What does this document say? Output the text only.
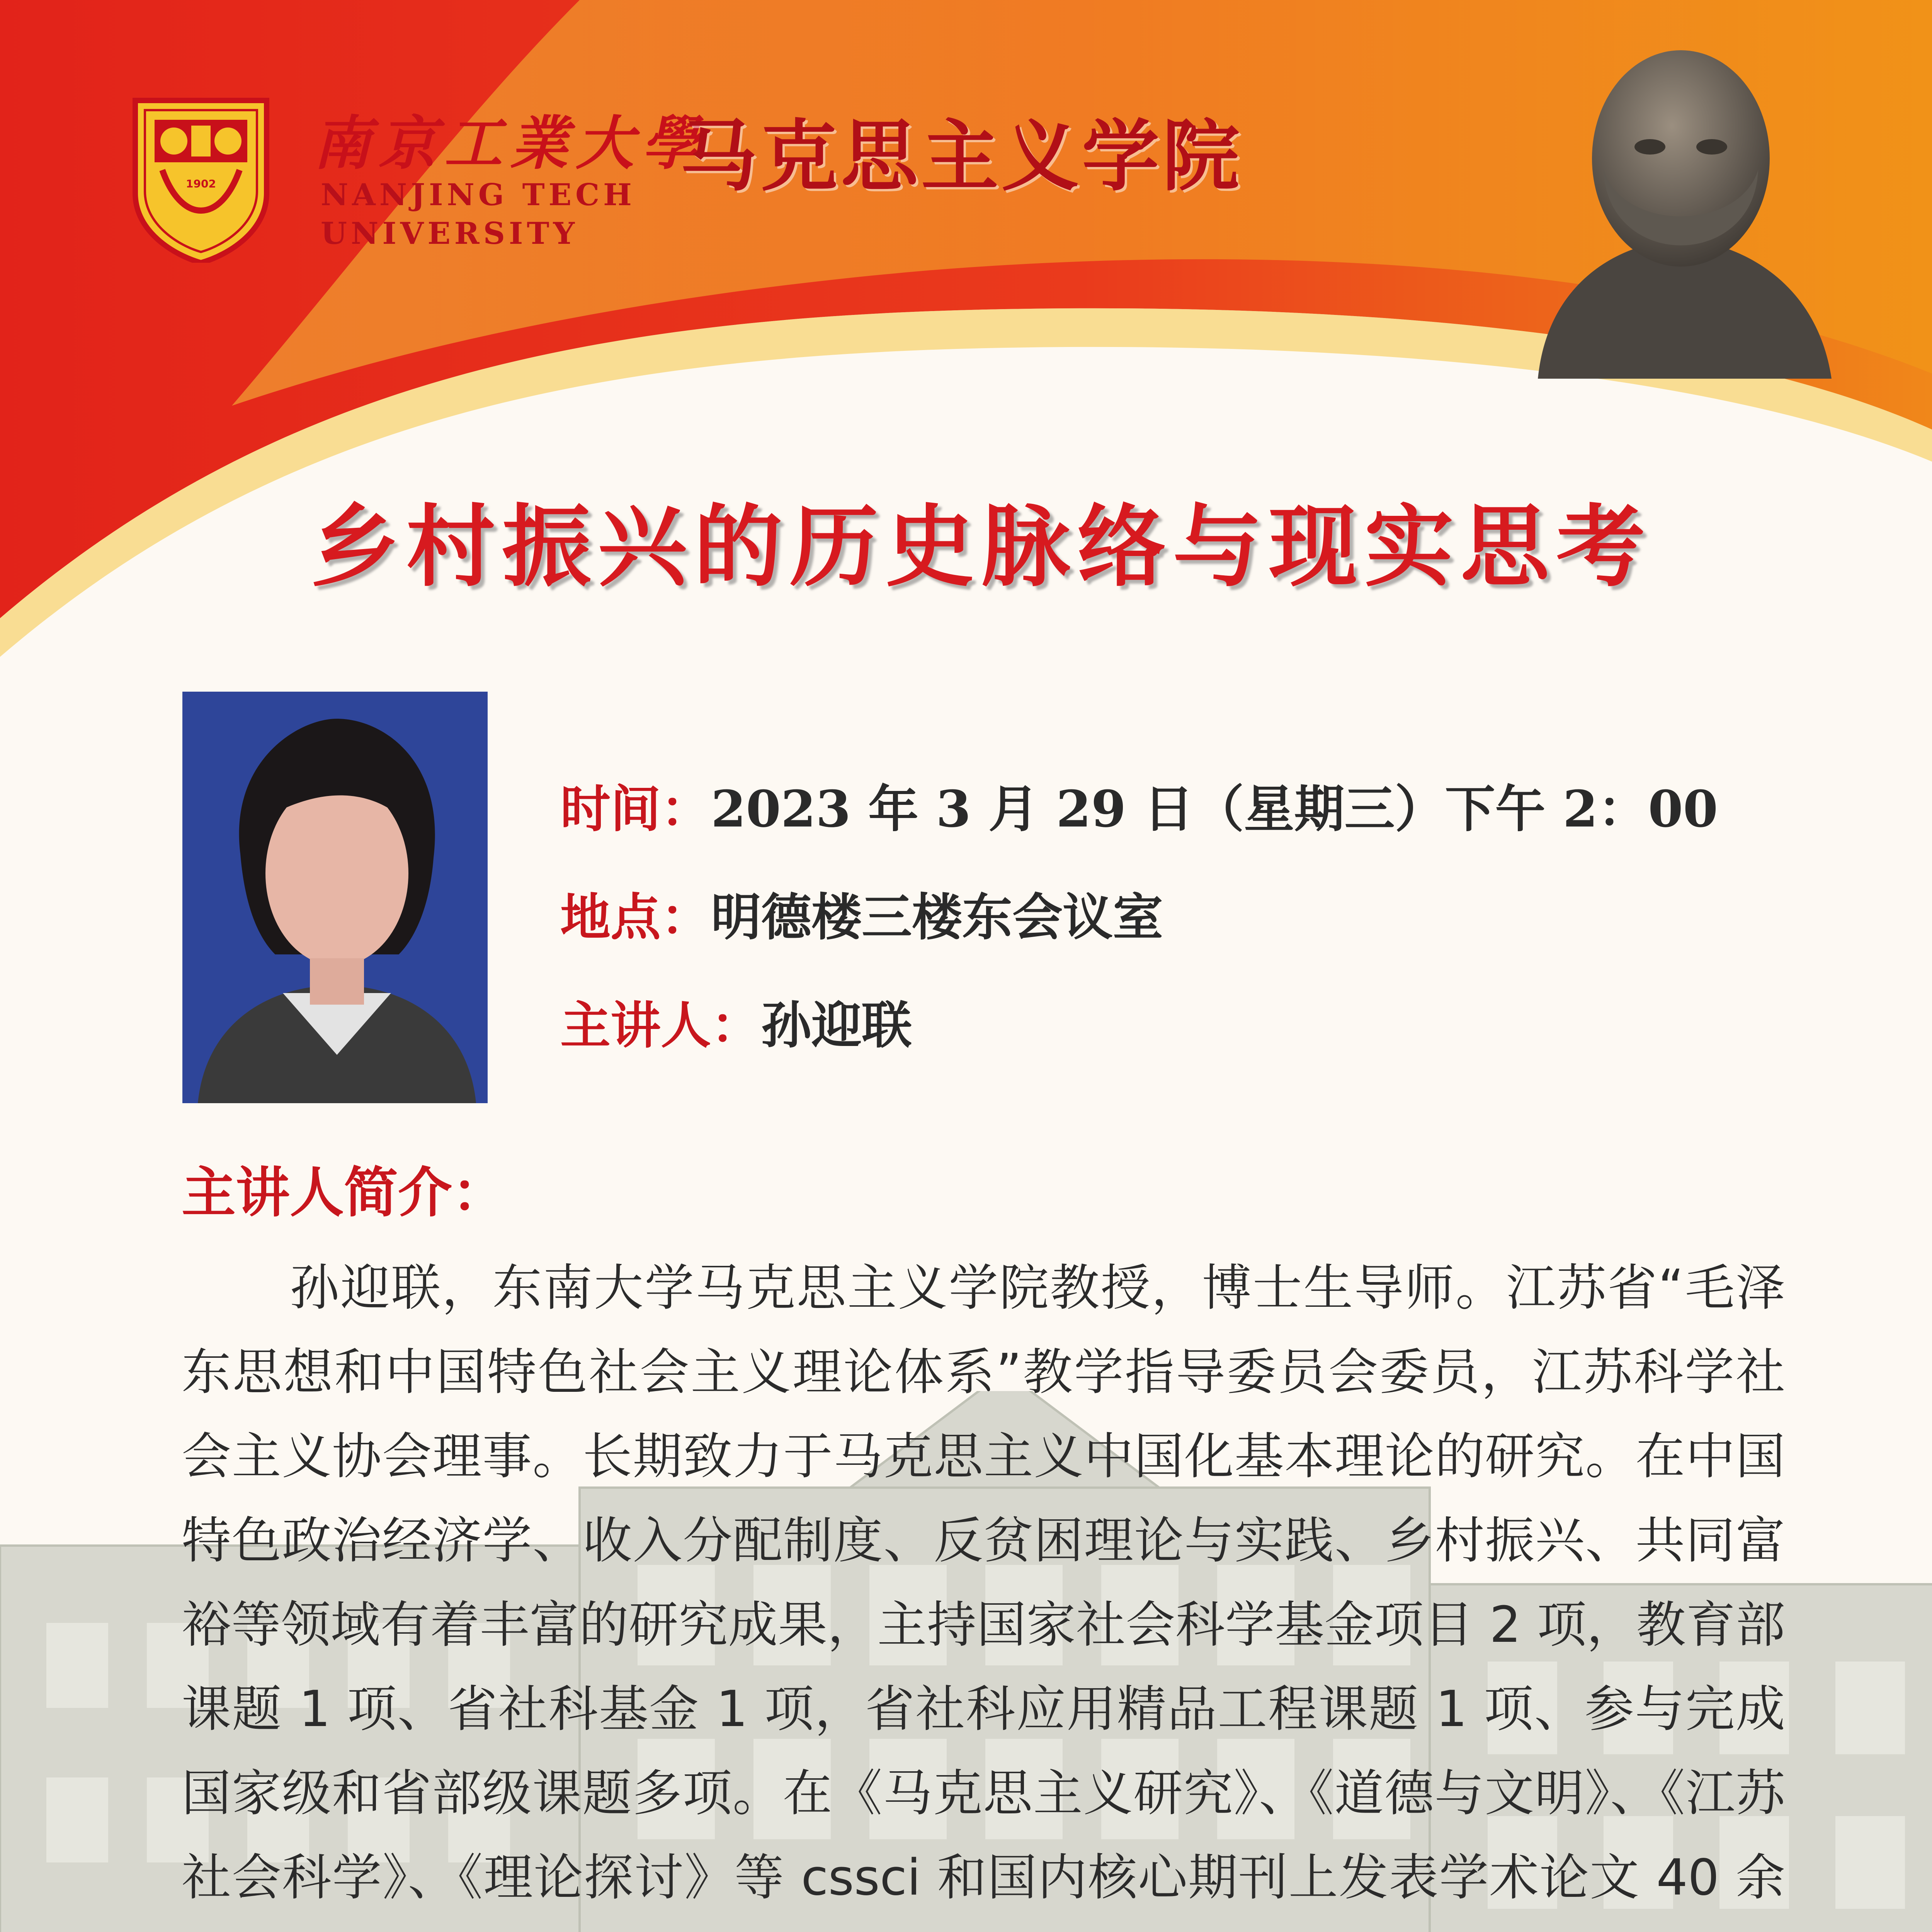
1902
南京工業大學
NANJING TECH
UNIVERSITY
马克思主义学院
乡村振兴的历史脉络与现实思考
时间：2023 年 3 月 29 日（星期三）下午 2：00
地点：明德楼三楼东会议室
主讲人：孙迎联
主讲人简介：
孙迎联，东南大学马克思主义学院教授，博士生导师。江苏省“毛泽东思想和中国特色社会主义理论体系”教学指导委员会委员，江苏科学社会主义协会理事。长期致力于马克思主义中国化基本理论的研究。在中国特色政治经济学、收入分配制度、反贫困理论与实践、乡村振兴、共同富裕等领域有着丰富的研究成果，主持国家社会科学基金项目 2 项，教育部课题 1 项、省社科基金 1 项，省社科应用精品工程课题 1 项、参与完成国家级和省部级课题多项。在《马克思主义研究》、《道德与文明》、《江苏社会科学》、《理论探讨》等 cssci 和国内核心期刊上发表学术论文 40 余
